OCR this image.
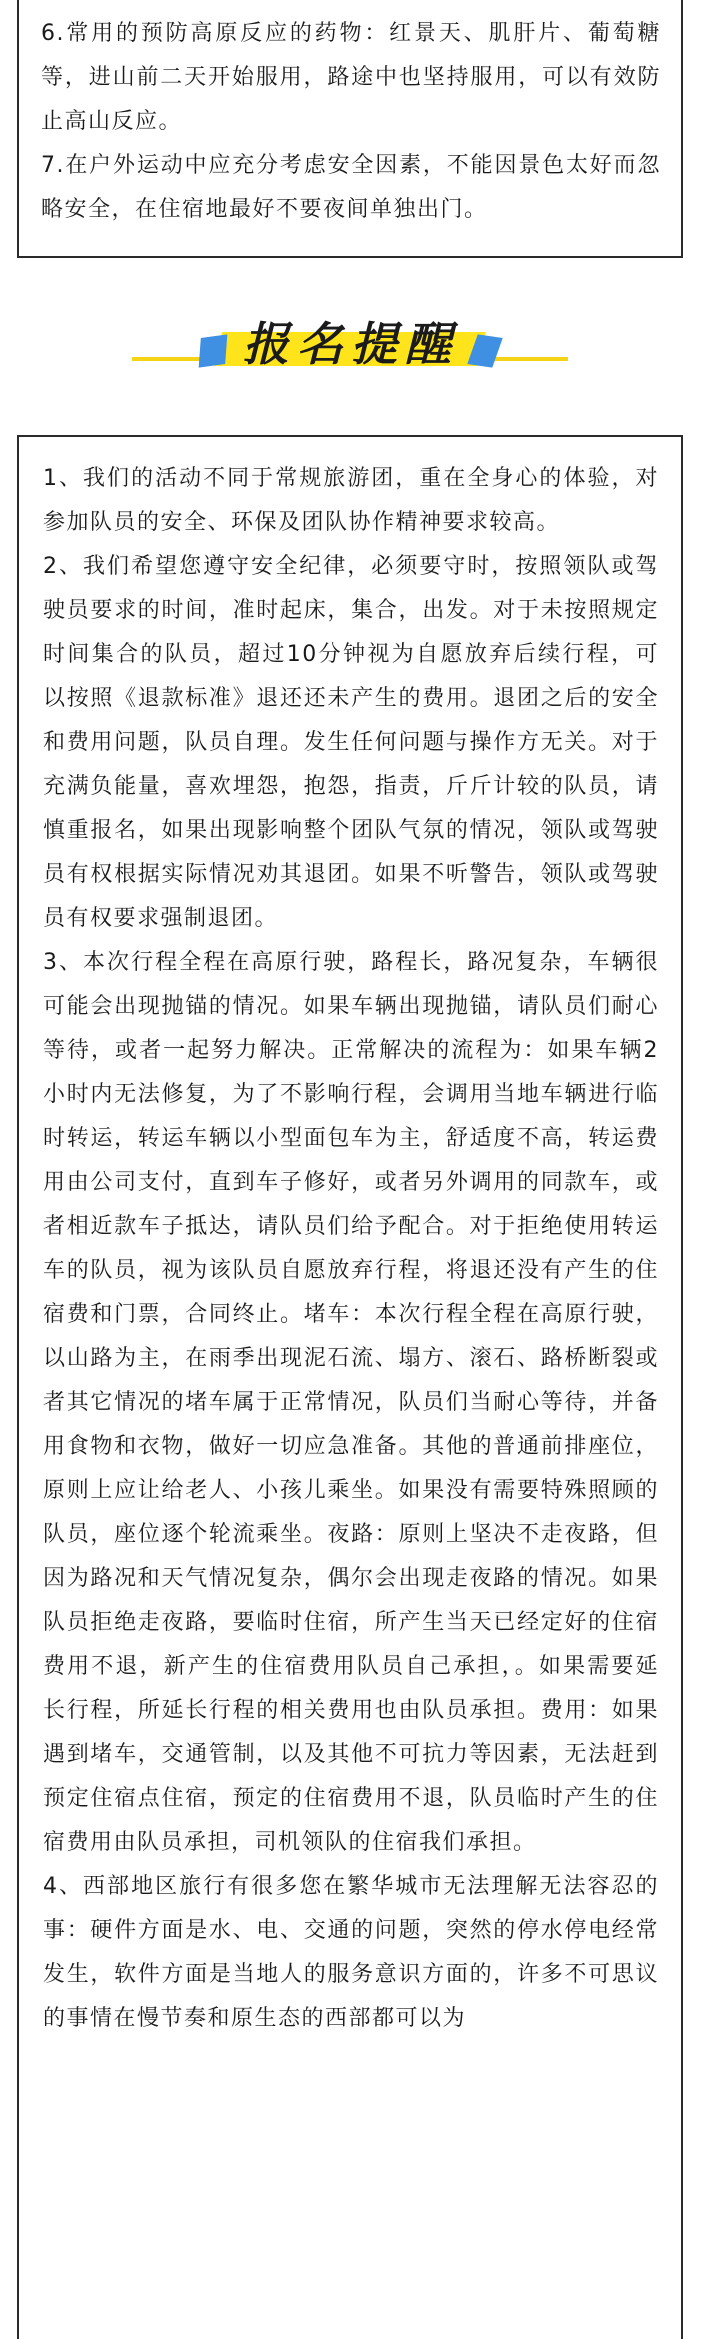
6.常用的预防高原反应的药物：红景天、肌肝片、葡萄糖等，进山前二天开始服用，路途中也坚持服用，可以有效防止高山反应。

7.在户外运动中应充分考虑安全因素，不能因景色太好而忽略安全，在住宿地最好不要夜间单独出门。

报名提醒

1、我们的活动不同于常规旅游团，重在全身心的体验，对参加队员的安全、环保及团队协作精神要求较高。

2、我们希望您遵守安全纪律，必须要守时，按照领队或驾驶员要求的时间，准时起床，集合，出发。对于未按照规定时间集合的队员，超过10分钟视为自愿放弃后续行程，可以按照《退款标准》退还还未产生的费用。退团之后的安全和费用问题，队员自理。发生任何问题与操作方无关。对于充满负能量，喜欢埋怨，抱怨，指责，斤斤计较的队员，请慎重报名，如果出现影响整个团队气氛的情况，领队或驾驶员有权根据实际情况劝其退团。如果不听警告，领队或驾驶员有权要求强制退团。

3、本次行程全程在高原行驶，路程长，路况复杂，车辆很可能会出现抛锚的情况。如果车辆出现抛锚，请队员们耐心等待，或者一起努力解决。正常解决的流程为：如果车辆2小时内无法修复，为了不影响行程，会调用当地车辆进行临时转运，转运车辆以小型面包车为主，舒适度不高，转运费用由公司支付，直到车子修好，或者另外调用的同款车，或者相近款车子抵达，请队员们给予配合。对于拒绝使用转运车的队员，视为该队员自愿放弃行程，将退还没有产生的住宿费和门票，合同终止。堵车：本次行程全程在高原行驶，以山路为主，在雨季出现泥石流、塌方、滚石、路桥断裂或者其它情况的堵车属于正常情况，队员们当耐心等待，并备用食物和衣物，做好一切应急准备。其他的普通前排座位，原则上应让给老人、小孩儿乘坐。如果没有需要特殊照顾的队员，座位逐个轮流乘坐。夜路：原则上坚决不走夜路，但因为路况和天气情况复杂，偶尔会出现走夜路的情况。如果队员拒绝走夜路，要临时住宿，所产生当天已经定好的住宿费用不退，新产生的住宿费用队员自己承担，。如果需要延长行程，所延长行程的相关费用也由队员承担。费用：如果遇到堵车，交通管制，以及其他不可抗力等因素，无法赶到预定住宿点住宿，预定的住宿费用不退，队员临时产生的住宿费用由队员承担，司机领队的住宿我们承担。

4、西部地区旅行有很多您在繁华城市无法理解无法容忍的事：硬件方面是水、电、交通的问题，突然的停水停电经常发生，软件方面是当地人的服务意识方面的，许多不可思议的事情在慢节奏和原生态的西部都可以为
